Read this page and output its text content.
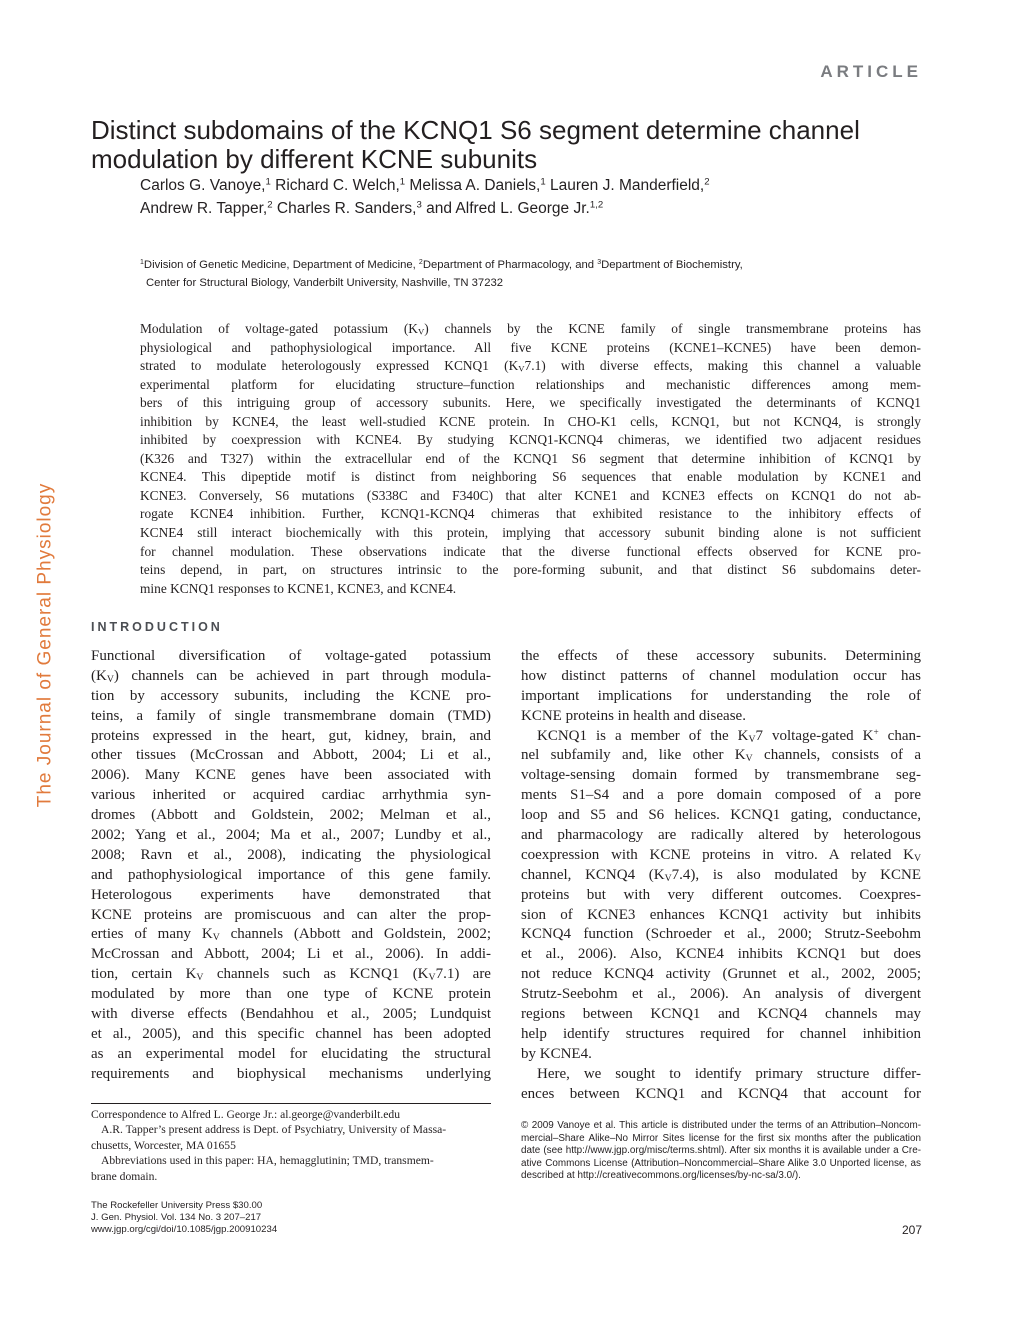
ARTICLE
Distinct subdomains of the KCNQ1 S6 segment determine channel
modulation by different KCNE subunits
Carlos G. Vanoye,$^1$ Richard C. Welch,$^1$ Melissa A. Daniels,$^1$ Lauren J. Manderfield,$^2$
Andrew R. Tapper,$^2$ Charles R. Sanders,$^3$ and Alfred L. George Jr.$^{1,2}$
$^1$Division of Genetic Medicine, Department of Medicine, $^2$Department of Pharmacology, and $^3$Department of Biochemistry,
Center for Structural Biology, Vanderbilt University, Nashville, TN 37232
Modulation of voltage-gated potassium $(K_V)$ channels by the KCNE family of single transmembrane proteins has
physiological and pathophysiological importance. All five KCNE proteins (KCNE1–KCNE5) have been demon-
strated to modulate heterologously expressed KCNQ1 $(K_V7.1)$ with diverse effects, making this channel a valuable
experimental platform for elucidating structure–function relationships and mechanistic differences among mem-
bers of this intriguing group of accessory subunits. Here, we specifically investigated the determinants of KCNQ1
inhibition by KCNE4, the least well-studied KCNE protein. In CHO-K1 cells, KCNQ1, but not KCNQ4, is strongly
inhibited by coexpression with KCNE4. By studying KCNQ1-KCNQ4 chimeras, we identified two adjacent residues
(K326 and T327) within the extracellular end of the KCNQ1 S6 segment that determine inhibition of KCNQ1 by
KCNE4. This dipeptide motif is distinct from neighboring S6 sequences that enable modulation by KCNE1 and
KCNE3. Conversely, S6 mutations (S338C and F340C) that alter KCNE1 and KCNE3 effects on KCNQ1 do not ab-
rogate KCNE4 inhibition. Further, KCNQ1-KCNQ4 chimeras that exhibited resistance to the inhibitory effects of
KCNE4 still interact biochemically with this protein, implying that accessory subunit binding alone is not sufficient
for channel modulation. These observations indicate that the diverse functional effects observed for KCNE pro-
teins depend, in part, on structures intrinsic to the pore-forming subunit, and that distinct S6 subdomains deter-
mine KCNQ1 responses to KCNE1, KCNE3, and KCNE4.
The Journal of General Physiology	INTRODUCTION
Functional diversification of voltage-gated potassium
$(K_V)$ channels can be achieved in part through modula-
tion by accessory subunits, including the KCNE pro-
teins, a family of single transmembrane domain (TMD)
proteins expressed in the heart, gut, kidney, brain, and
other tissues (McCrossan and Abbott, 2004; Li et al.,
2006). Many KCNE genes have been associated with
various inherited or acquired cardiac arrhythmia syn-
dromes (Abbott and Goldstein, 2002; Melman et al.,
2002; Yang et al., 2004; Ma et al., 2007; Lundby et al.,
2008; Ravn et al., 2008), indicating the physiological
and pathophysiological importance of this gene family.
Heterologous experiments have demonstrated that
KCNE proteins are promiscuous and can alter the prop-
erties of many $K_V$ channels (Abbott and Goldstein, 2002;
McCrossan and Abbott, 2004; Li et al., 2006). In addi-
tion, certain $K_V$ channels such as KCNQ1 $(K_V7.1)$ are
modulated by more than one type of KCNE protein
with diverse effects (Bendahhou et al., 2005; Lundquist
et al., 2005), and this specific channel has been adopted
as an experimental model for elucidating the structural
requirements and biophysical mechanisms underlying
the effects of these accessory subunits. Determining
how distinct patterns of channel modulation occur has
important implications for understanding the role of
KCNE proteins in health and disease.
KCNQ1 is a member of the $K_V7$ voltage-gated K+ chan-
nel subfamily and, like other $K_V$ channels, consists of a
voltage-sensing domain formed by transmembrane seg-
ments S1–S4 and a pore domain composed of a pore
loop and S5 and S6 helices. KCNQ1 gating, conductance,
and pharmacology are radically altered by heterologous
coexpression with KCNE proteins in vitro. A related $K_V$
channel, KCNQ4 $(K_V7.4)$, is also modulated by KCNE
proteins but with very different outcomes. Coexpres-
sion of KCNE3 enhances KCNQ1 activity but inhibits
KCNQ4 function (Schroeder et al., 2000; Strutz-Seebohm
et al., 2006). Also, KCNE4 inhibits KCNQ1 but does
not reduce KCNQ4 activity (Grunnet et al., 2002, 2005;
Strutz-Seebohm et al., 2006). An analysis of divergent
regions between KCNQ1 and KCNQ4 channels may
help identify structures required for channel inhibition
by KCNE4.
Here, we sought to identify primary structure differ-
ences between KCNQ1 and KCNQ4 that account for
Correspondence to Alfred L. George Jr.: al.george@vanderbilt.edu
A.R. Tapper’s present address is Dept. of Psychiatry, University of Massa-
chusetts, Worcester, MA 01655
Abbreviations used in this paper: HA, hemagglutinin; TMD, transmem-
brane domain.
© 2009 Vanoye et al. This article is distributed under the terms of an Attribution–Noncom-
mercial–Share Alike–No Mirror Sites license for the first six months after the publication
date (see http://www.jgp.org/misc/terms.shtml). After six months it is available under a Cre-
ative Commons License (Attribution–Noncommercial–Share Alike 3.0 Unported license, as
described at http://creativecommons.org/licenses/by-nc-sa/3.0/).
The Rockefeller University Press $30.00
J. Gen. Physiol. Vol. 134 No. 3 207–217
www.jgp.org/cgi/doi/10.1085/jgp.200910234	207
